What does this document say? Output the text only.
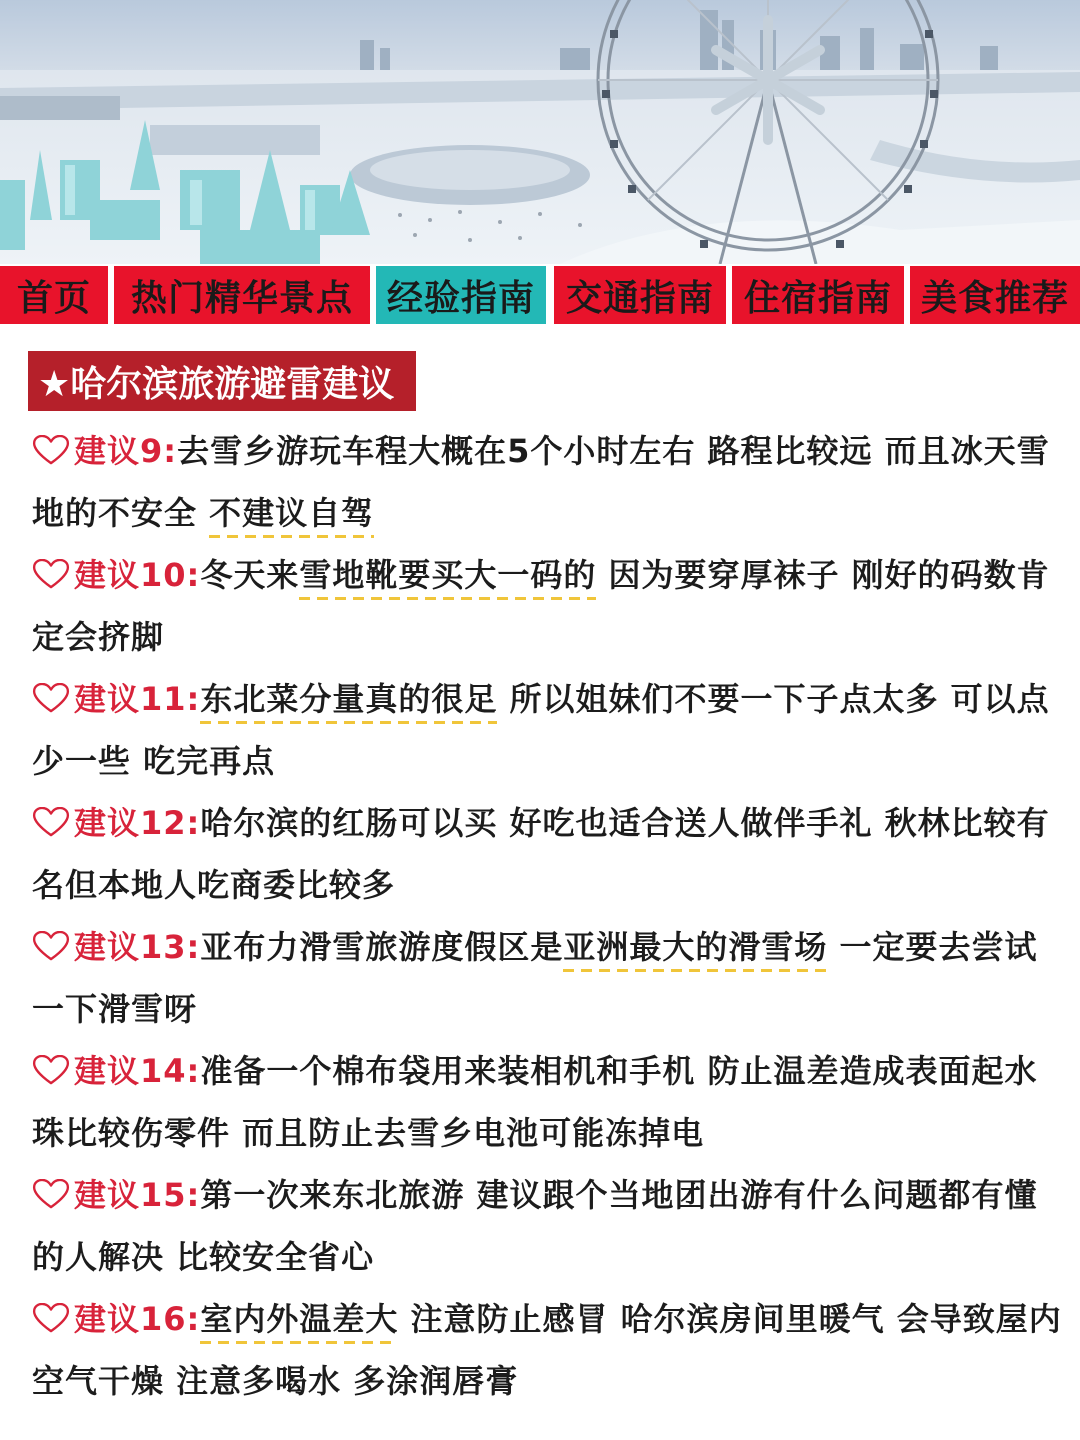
首页 热门精华景点 经验指南 交通指南 住宿指南 美食推荐
★哈尔滨旅游避雷建议
建议9:去雪乡游玩车程大概在5个小时左右 路程比较远 而且冰天雪地的不安全 不建议自驾
建议10:冬天来雪地靴要买大一码的 因为要穿厚袜子 刚好的码数肯定会挤脚
建议11:东北菜分量真的很足 所以姐妹们不要一下子点太多 可以点少一些 吃完再点
建议12:哈尔滨的红肠可以买 好吃也适合送人做伴手礼 秋林比较有名但本地人吃商委比较多
建议13:亚布力滑雪旅游度假区是亚洲最大的滑雪场 一定要去尝试一下滑雪呀
建议14:准备一个棉布袋用来装相机和手机 防止温差造成表面起水珠比较伤零件 而且防止去雪乡电池可能冻掉电
建议15:第一次来东北旅游 建议跟个当地团出游有什么问题都有懂的人解决 比较安全省心
建议16:室内外温差大 注意防止感冒 哈尔滨房间里暖气 会导致屋内空气干燥 注意多喝水 多涂润唇膏
